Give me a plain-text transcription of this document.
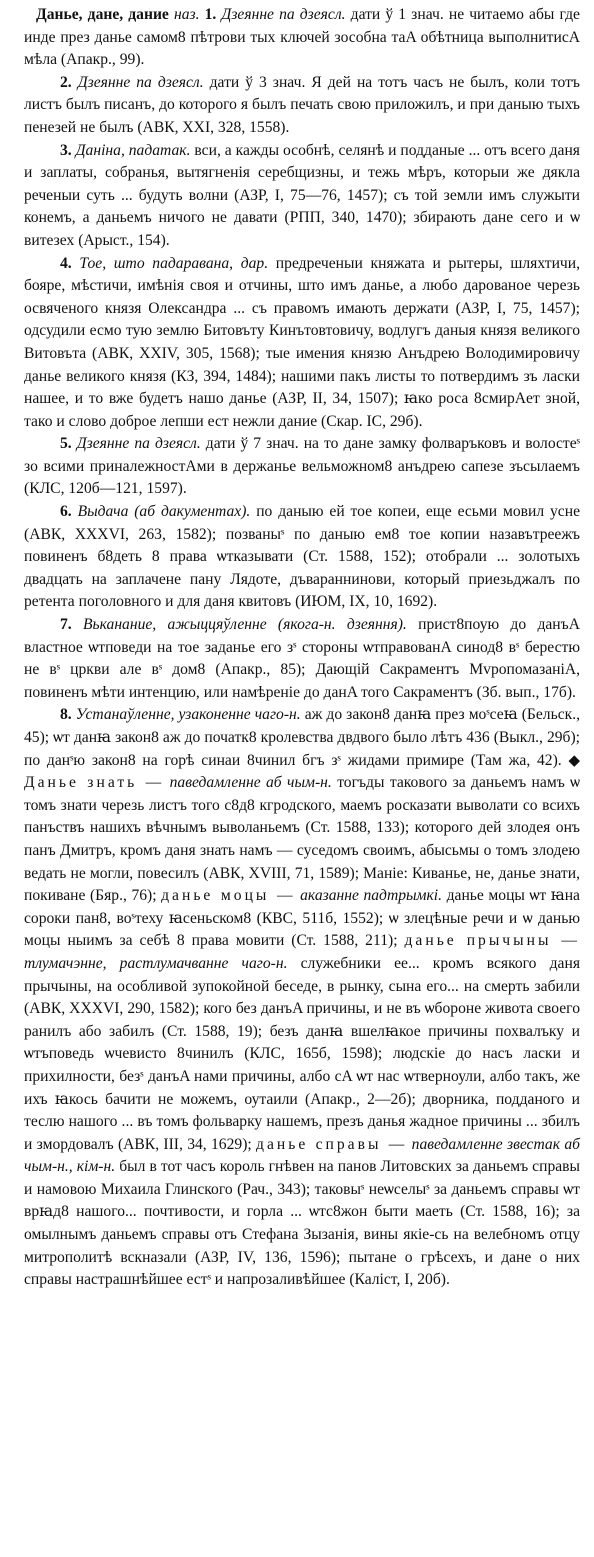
Данье, дане, дание наз. 1. Дзеянне па дзеясл. дати ў 1 знач. не читаемо абы где инде през данье самом8 пѣтрови тых ключей зособна таA обѣтница выполнитисA мѣла (Апакр., 99).

2. Дзеянне па дзеясл. дати ў 3 знач. Я дей на тотъ часъ не былъ, коли тотъ листъ былъ писанъ, до которого я былъ печать свою приложилъ, и при даныю тыхъ пенезей не былъ (АВК, XXI, 328, 1558).

3. Даніна, падатак. вси, а кажды особнѣ, селянѣ и подданые ... отъ всего даня и заплаты, собранья, вытягненія серебщизны, и тежь мѣръ, которыи же дякла реченыи суть ... будуть волни (АЗР, I, 75—76, 1457); съ той земли имъ служыти конемъ, а даньемъ ничого не давати (РПП, 340, 1470); збирають дане сего и ѡ витезех (Арыст., 154).

4. Тое, што падаравана, дар. предреченыи княжата и рытеры, шляхтичи, бояре, мѣстичи, имѣнія своя и отчины, што имъ данье, а любо дарованое черезь освяченого князя Олександра ... съ правомъ имають держати (АЗР, I, 75, 1457); одсудили есмо тую землю Битовъту Кинътовтовичу, водлугъ даныя князя великого Витовъта (АВК, XXIV, 305, 1568); тые имения князю Анъдрею Володимировичу данье великого князя (КЗ, 394, 1484); нашими пакъ листы то потвердимъ зъ ласки нашее, и то вже будетъ нашо данье (АЗР, II, 34, 1507); ꙗко роса 8смирAет зной, тако и слово доброе лепши ест нежли дание (Скар. IС, 29б).

5. Дзеянне па дзеясл. дати ў 7 знач. на то дане замку фолваръковъ и волостеˢ зо всими приналежностAми в держанье вельможном8 анъдрею сапезе зъсылаемъ (КЛС, 120б—121, 1597).

6. Выдача (аб дакументах). по даныю ей тое копеи, еще есьми мовил усне (АВК, XXXVI, 263, 1582); позваныˢ по даныю ем8 тое копии назавътреежъ повиненъ б8деть 8 права ѡтказывати (Ст. 1588, 152); отобрали ... золотыхъ двадцать на заплачене пану Лядоте, дъвараннинови, который приезьджалъ по ретента поголовного и для даня квитовъ (ИЮМ, IX, 10, 1692).

7. Вьканание, ажыццяўленне (якога-н. дзеяння). прист8поую до данъA властное ѡтповеди на тое заданье его зˢ стороны ѡтправованA синод8 вˢ берестю не вˢ цркви але вˢ дом8 (Апакр., 85); Дающій Сакраментъ МvропомазаніA, повиненъ мѣти интенцию, или намѣреніе до данA того Сакраментъ (Зб. вып., 17б).

8. Устанаўленне, узаконенне чаго-н. аж до закон8 данꙗ през моˢсеꙗ (Бельск., 45); ѡт данꙗ закон8 аж до початк8 кролевства двдвого было лѣтъ 436 (Выкл., 29б); по данˢю закон8 на горѣ синаи 8чинил бгъ зˢ жидами примире (Там жа, 42). ◆ Данье знать — паведамленне аб чым-н. тогъды такового за даньемъ намъ ѡ томъ знати черезь листъ того с8д8 кгродского, маемъ росказати выволати со всихъ панъствъ нашихъ вѣчнымъ выволаньемъ (Ст. 1588, 133); которого дей злодея онъ панъ Дмитръ, кромъ даня знать намъ — суседомъ своимъ, абысьмы о томъ злодею ведать не могли, повесилъ (АВК, XVIII, 71, 1589); Маніе: Киванье, не, данье знати, покиване (Бяр., 76); данье моцы — аказанне падтрымкі. данье моцы ѡт ꙗна сороки пан8, воˢтеху ꙗсеньском8 (КВС, 511б, 1552); ѡ злецѣные речи и ѡ данью моцы ныимъ за себѣ 8 права мовити (Ст. 1588, 211); данье прычыны — тлумачэнне, растлумачванне чаго-н. служебники ее... кромъ всякого даня прычыны, на особливой зупокойной беседе, в рынку, сына его... на смерть забили (АВК, XXXVI, 290, 1582); кого без данъA причины, и не въ ѡбороне живота своего ранилъ або забилъ (Ст. 1588, 19); безъ данꙗ вшелꙗкое причины похвалъку и ѡтъповедь ѡчевисто 8чинилъ (КЛС, 165б, 1598); людскіе до насъ ласки и прихилности, безˢ данъA нами причины, албо сA ѡт нас ѡтверноули, албо такъ, же ихъ ꙗкось бачити не можемъ, оутаили (Апакр., 2—2б); дворника, подданого и теслю нашого ... въ томъ фольварку нашемъ, презъ данья жадное причины ... збилъ и змордовалъ (АВК, III, 34, 1629); данье справы — паведамленне звестак аб чым-н., кім-н. был в тот часъ король гнѣвен на панов Литовских за даньемъ справы и намовою Михаила Глинского (Рач., 343); таковыˢ неѡселыˢ за даньемъ справы ѡт врꙗд8 нашого... почтивости, и горла ... ѡтс8жон быти маеть (Ст. 1588, 16); за омылнымъ даньемъ справы отъ Стефана Зызанія, вины якіе-сь на велебномъ отцу митрополитѣ вскназали (АЗР, IV, 136, 1596); пытане о грѣсехъ, и дане о них справы настрашнѣйшее естˢ и напрозаливѣйшее (Каліст, I, 20б).
